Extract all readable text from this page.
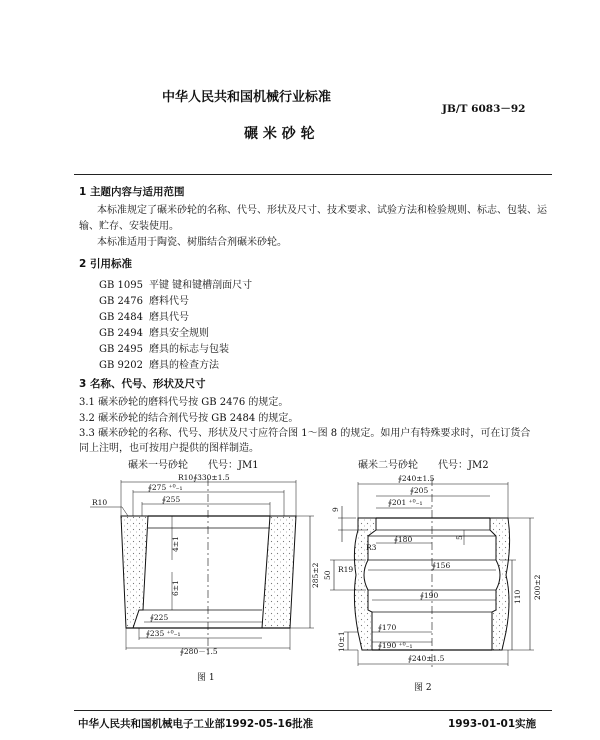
中华人民共和国机械行业标准
JB/T 6083－92
碾 米 砂 轮
1 主题内容与适用范围
本标准规定了碾米砂轮的名称、代号、形状及尺寸、技术要求、试验方法和检验规则、标志、包装、运
输、贮存、安装使用。
本标准适用于陶瓷、树脂结合剂碾米砂轮。
2 引用标准
GB 1095 平键 键和键槽剖面尺寸
GB 2476 磨料代号
GB 2484 磨具代号
GB 2494 磨具安全规则
GB 2495 磨具的标志与包装
GB 9202 磨具的检查方法
3 名称、代号、形状及尺寸
3.1 碾米砂轮的磨料代号按 GB 2476 的规定。
3.2 碾米砂轮的结合剂代号按 GB 2484 的规定。
3.3 碾米砂轮的名称、代号、形状及尺寸应符合图 1～图 8 的规定。如用户有特殊要求时，可在订货合
同上注明，也可按用户提供的图样制造。
碾米一号砂轮 代号：JM1	碾米二号砂轮 代号：JM2
R10∮330±1.5
∮275 ⁺⁰₋₁
∮255
R10
4±1
6±1
∮225
∮235 ⁺⁰₋₁
∮280－1.5
285±2
图 1
∮240±1.5
∮205
∮201 ⁺⁰₋₁
9
5
R3
∮180
R19	∮156
50
∮190	110 200±2
∮170
∮190 ⁺⁰₋₁
10±1
∮240±1.5
图 2
中华人民共和国机械电子工业部1992-05-16批准	1993-01-01实施
